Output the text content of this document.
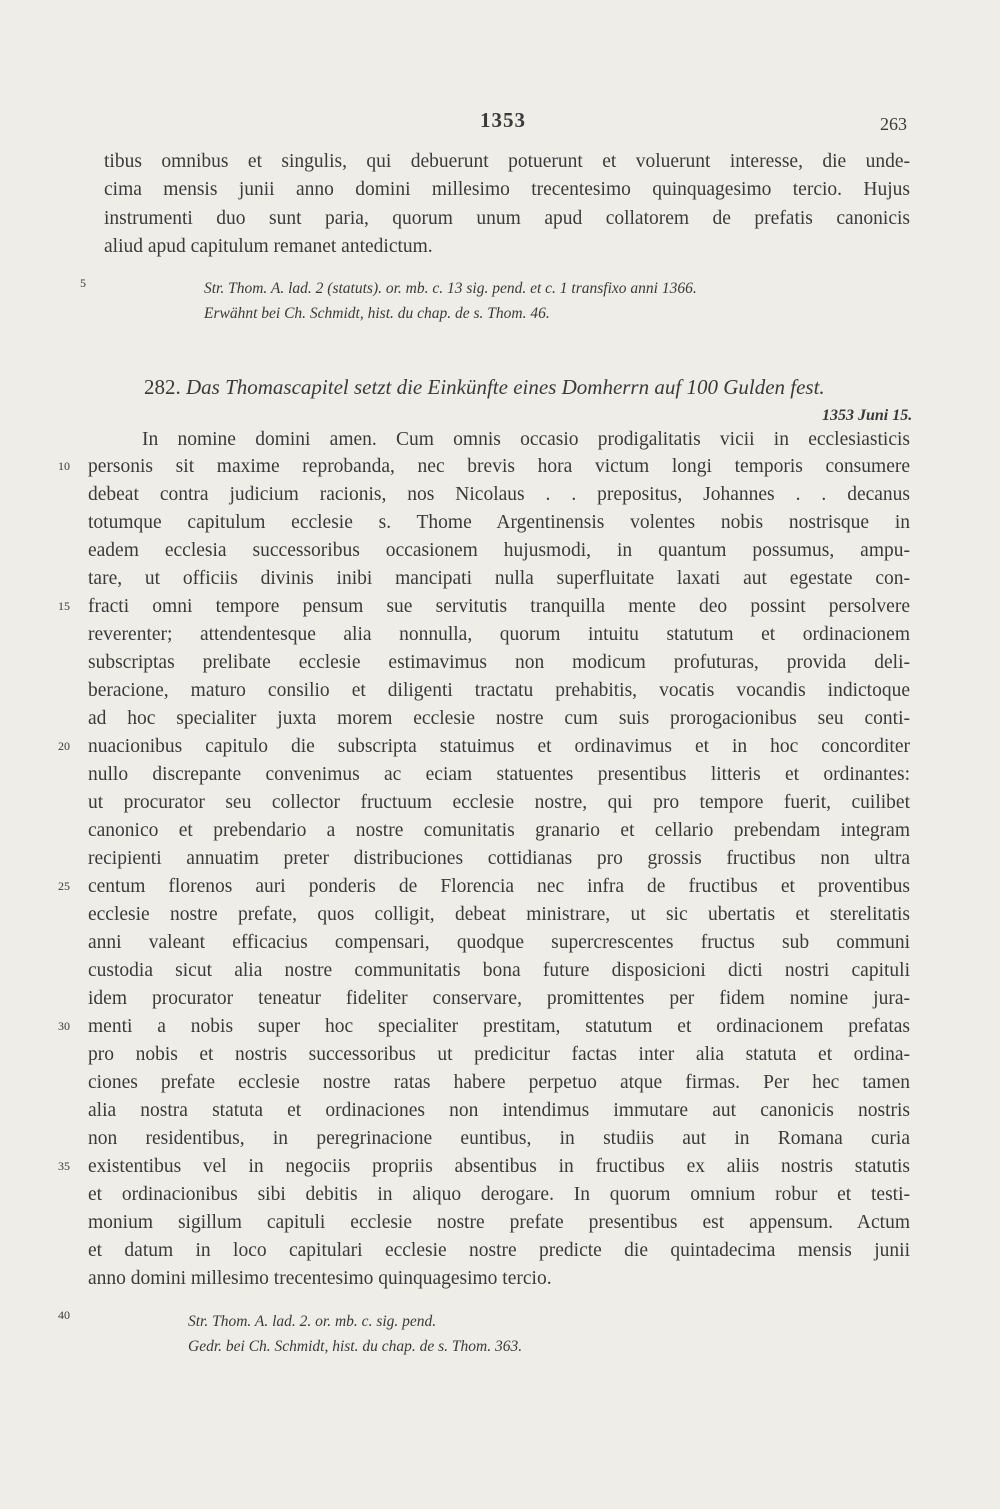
1353	263
tibus omnibus et singulis, qui debuerunt potuerunt et voluerunt interesse, die unde-
cima mensis junii anno domini millesimo trecentesimo quinquagesimo tercio. Hujus
instrumenti duo sunt paria, quorum unum apud collatorem de prefatis canonicis
aliud apud capitulum remanet antedictum.
Str. Thom. A. lad. 2 (statuts). or. mb. c. 13 sig. pend. et c. 1 transfixo anni 1366.
Erwähnt bei Ch. Schmidt, hist. du chap. de s. Thom. 46.
282. Das Thomascapitel setzt die Einkünfte eines Domherrn auf 100 Gulden fest.
1353 Juni 15.
In nomine domini amen. Cum omnis occasio prodigalitatis vicii in ecclesiasticis
personis sit maxime reprobanda, nec brevis hora victum longi temporis consumere
debeat contra judicium racionis, nos Nicolaus . . prepositus, Johannes . . decanus
totumque capitulum ecclesie s. Thome Argentinensis volentes nobis nostrisque in
eadem ecclesia successoribus occasionem hujusmodi, in quantum possumus, ampu-
tare, ut officiis divinis inibi mancipati nulla superfluitate laxati aut egestate con-
fracti omni tempore pensum sue servitutis tranquilla mente deo possint persolvere
reverenter; attendentesque alia nonnulla, quorum intuitu statutum et ordinacionem
subscriptas prelibate ecclesie estimavimus non modicum profuturas, provida deli-
beracione, maturo consilio et diligenti tractatu prehabitis, vocatis vocandis indictoque
ad hoc specialiter juxta morem ecclesie nostre cum suis prorogacionibus seu conti-
nuacionibus capitulo die subscripta statuimus et ordinavimus et in hoc concorditer
nullo discrepante convenimus ac eciam statuentes presentibus litteris et ordinantes:
ut procurator seu collector fructuum ecclesie nostre, qui pro tempore fuerit, cuilibet
canonico et prebendario a nostre comunitatis granario et cellario prebendam integram
recipienti annuatim preter distribuciones cottidianas pro grossis fructibus non ultra
centum florenos auri ponderis de Florencia nec infra de fructibus et proventibus
ecclesie nostre prefate, quos colligit, debeat ministrare, ut sic ubertatis et sterelitatis
anni valeant efficacius compensari, quodque supercrescentes fructus sub communi
custodia sicut alia nostre communitatis bona future disposicioni dicti nostri capituli
idem procurator teneatur fideliter conservare, promittentes per fidem nomine jura-
menti a nobis super hoc specialiter prestitam, statutum et ordinacionem prefatas
pro nobis et nostris successoribus ut predicitur factas inter alia statuta et ordina-
ciones prefate ecclesie nostre ratas habere perpetuo atque firmas. Per hec tamen
alia nostra statuta et ordinaciones non intendimus immutare aut canonicis nostris
non residentibus, in peregrinacione euntibus, in studiis aut in Romana curia
existentibus vel in negociis propriis absentibus in fructibus ex aliis nostris statutis
et ordinacionibus sibi debitis in aliquo derogare. In quorum omnium robur et testi-
monium sigillum capituli ecclesie nostre prefate presentibus est appensum. Actum
et datum in loco capitulari ecclesie nostre predicte die quintadecima mensis junii
anno domini millesimo trecentesimo quinquagesimo tercio.
Str. Thom. A. lad. 2. or. mb. c. sig. pend.
Gedr. bei Ch. Schmidt, hist. du chap. de s. Thom. 363.
5
10
15
20
25
30
35
40
